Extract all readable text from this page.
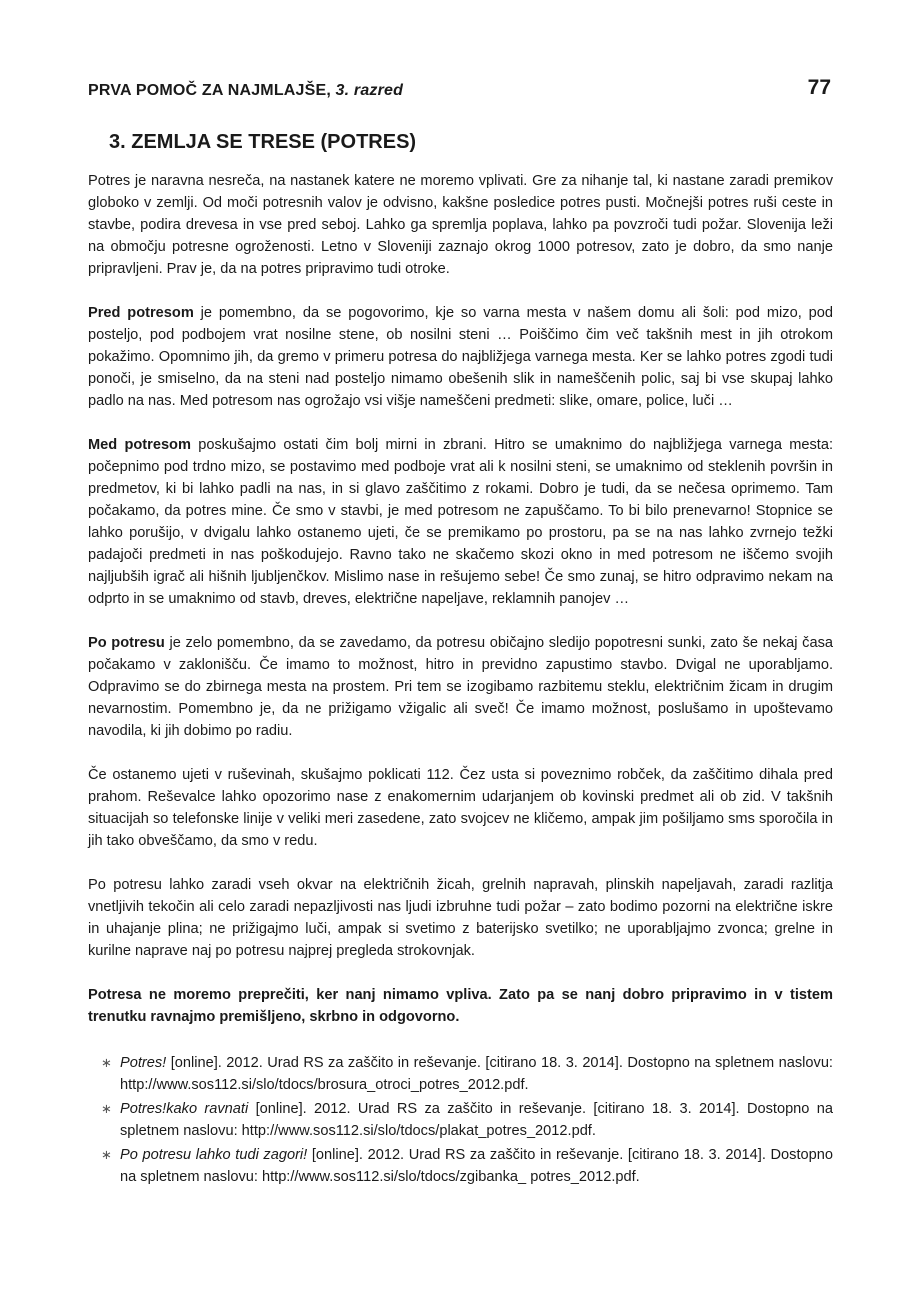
PRVA POMOČ ZA NAJMLAJŠE, 3. razred	77
3. ZEMLJA SE TRESE (POTRES)

Potres je naravna nesreča, na nastanek katere ne moremo vplivati. Gre za nihanje tal, ki nastane zaradi premikov globoko v zemlji. Od moči potresnih valov je odvisno, kakšne posledice potres pusti. Močnejši potres ruši ceste in stavbe, podira drevesa in vse pred seboj. Lahko ga spremlja poplava, lahko pa povzroči tudi požar. Slovenija leži na območju potresne ogroženosti. Letno v Sloveniji zaznajo okrog 1000 potresov, zato je dobro, da smo nanje pripravljeni. Prav je, da na potres pripravimo tudi otroke.

Pred potresom je pomembno, da se pogovorimo, kje so varna mesta v našem domu ali šoli: pod mizo, pod posteljo, pod podbojem vrat nosilne stene, ob nosilni steni … Poiščimo čim več takšnih mest in jih otrokom pokažimo. Opomnimo jih, da gremo v primeru potresa do najbližjega varnega mesta. Ker se lahko potres zgodi tudi ponoči, je smiselno, da na steni nad posteljo nimamo obešenih slik in nameščenih polic, saj bi vse skupaj lahko padlo na nas. Med potresom nas ogrožajo vsi višje nameščeni predmeti: slike, omare, police, luči …

Med potresom poskušajmo ostati čim bolj mirni in zbrani. Hitro se umaknimo do najbližjega varnega mesta: počepnimo pod trdno mizo, se postavimo med podboje vrat ali k nosilni steni, se umaknimo od steklenih površin in predmetov, ki bi lahko padli na nas, in si glavo zaščitimo z rokami. Dobro je tudi, da se nečesa oprimemo. Tam počakamo, da potres mine. Če smo v stavbi, je med potresom ne zapuščamo. To bi bilo prenevarno! Stopnice se lahko porušijo, v dvigalu lahko ostanemo ujeti, če se premikamo po prostoru, pa se na nas lahko zvrnejo težki padajoči predmeti in nas poškodujejo. Ravno tako ne skačemo skozi okno in med potresom ne iščemo svojih najljubših igrač ali hišnih ljubljenčkov. Mislimo nase in rešujemo sebe! Če smo zunaj, se hitro odpravimo nekam na odprto in se umaknimo od stavb, dreves, električne napeljave, reklamnih panojev …

Po potresu je zelo pomembno, da se zavedamo, da potresu običajno sledijo popotresni sunki, zato še nekaj časa počakamo v zaklonišču. Če imamo to možnost, hitro in previdno zapustimo stavbo. Dvigal ne uporabljamo. Odpravimo se do zbirnega mesta na prostem. Pri tem se izogibamo razbitemu steklu, električnim žicam in drugim nevarnostim. Pomembno je, da ne prižigamo vžigalic ali sveč! Če imamo možnost, poslušamo in upoštevamo navodila, ki jih dobimo po radiu.

Če ostanemo ujeti v ruševinah, skušajmo poklicati 112. Čez usta si poveznimo robček, da zaščitimo dihala pred prahom. Reševalce lahko opozorimo nase z enakomernim udarjanjem ob kovinski predmet ali ob zid. V takšnih situacijah so telefonske linije v veliki meri zasedene, zato svojcev ne kličemo, ampak jim pošiljamo sms sporočila in jih tako obveščamo, da smo v redu.

Po potresu lahko zaradi vseh okvar na električnih žicah, grelnih napravah, plinskih napeljavah, zaradi razlitja vnetljivih tekočin ali celo zaradi nepazljivosti nas ljudi izbruhne tudi požar – zato bodimo pozorni na električne iskre in uhajanje plina; ne prižigajmo luči, ampak si svetimo z baterijsko svetilko; ne uporabljajmo zvonca; grelne in kurilne naprave naj po potresu najprej pregleda strokovnjak.

Potresa ne moremo preprečiti, ker nanj nimamo vpliva. Zato pa se nanj dobro pripravimo in v tistem trenutku ravnajmo premišljeno, skrbno in odgovorno.

∗ Potres! [online]. 2012. Urad RS za zaščito in reševanje. [citirano 18. 3. 2014]. Dostopno na spletnem naslovu: http://www.sos112.si/slo/tdocs/brosura_otroci_potres_2012.pdf.
∗ Potres!kako ravnati [online]. 2012. Urad RS za zaščito in reševanje. [citirano 18. 3. 2014]. Dostopno na spletnem naslovu: http://www.sos112.si/slo/tdocs/plakat_potres_2012.pdf.
∗ Po potresu lahko tudi zagori! [online]. 2012. Urad RS za zaščito in reševanje. [citirano 18. 3. 2014]. Dostopno na spletnem naslovu: http://www.sos112.si/slo/tdocs/zgibanka_ potres_2012.pdf.
